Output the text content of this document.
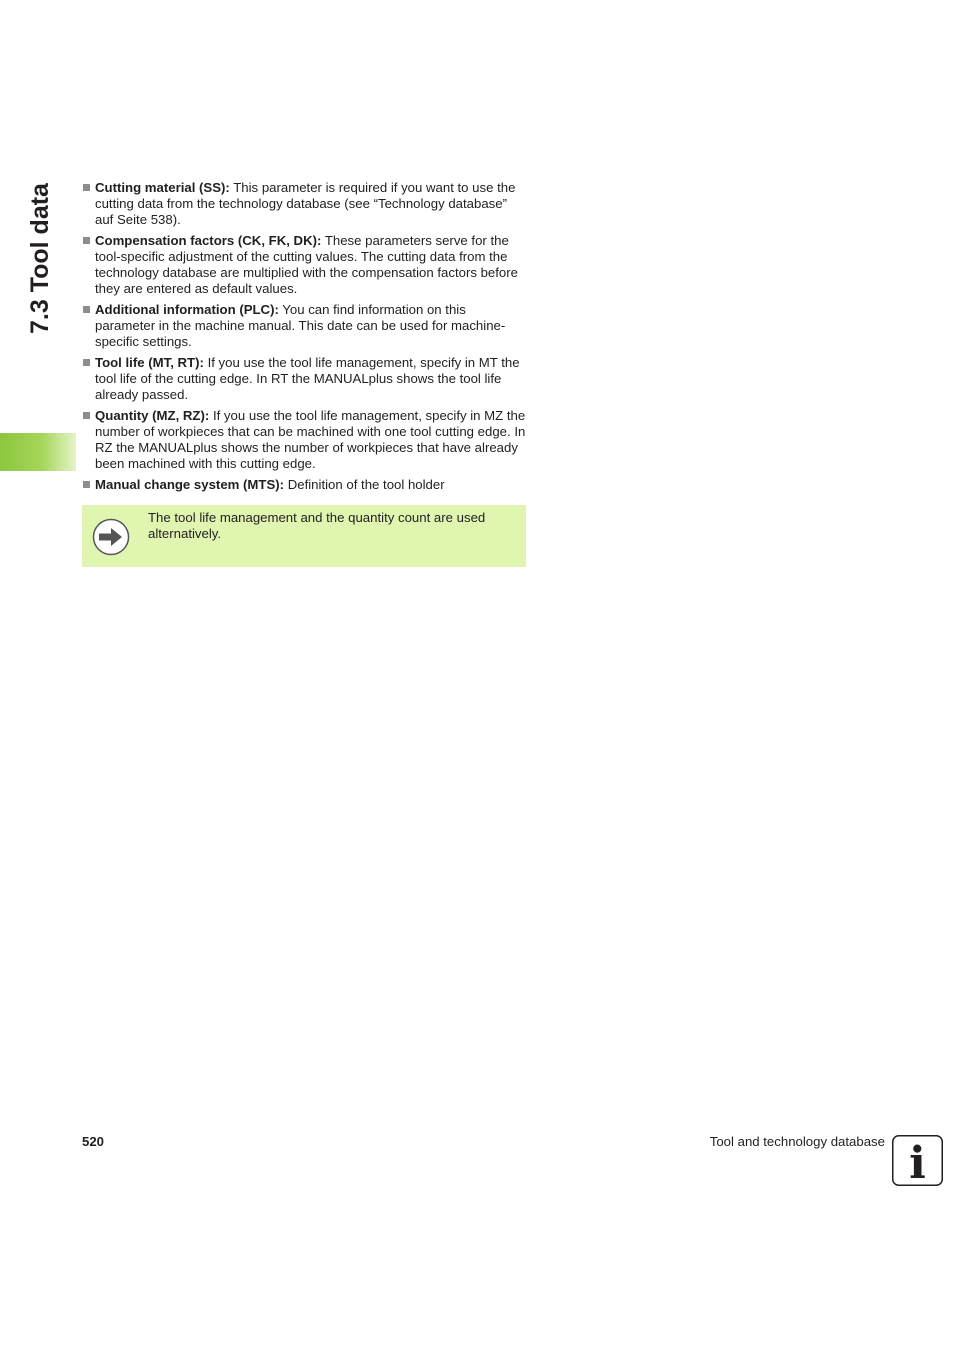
7.3 Tool data	Cutting material (SS): This parameter is required if you want to use the cutting data from the technology database (see “Technology database” auf Seite 538).
Compensation factors (CK, FK, DK): These parameters serve for the tool-specific adjustment of the cutting values. The cutting data from the technology database are multiplied with the compensation factors before they are entered as default values.
Additional information (PLC): You can find information on this parameter in the machine manual. This date can be used for machine-specific settings.
Tool life (MT, RT): If you use the tool life management, specify in MT the tool life of the cutting edge. In RT the MANUALplus shows the tool life already passed.
Quantity (MZ, RZ): If you use the tool life management, specify in MZ the number of workpieces that can be machined with one tool cutting edge. In RZ the MANUALplus shows the number of workpieces that have already been machined with this cutting edge.
Manual change system (MTS): Definition of the tool holder
The tool life management and the quantity count are used alternatively.
520	Tool and technology database i
